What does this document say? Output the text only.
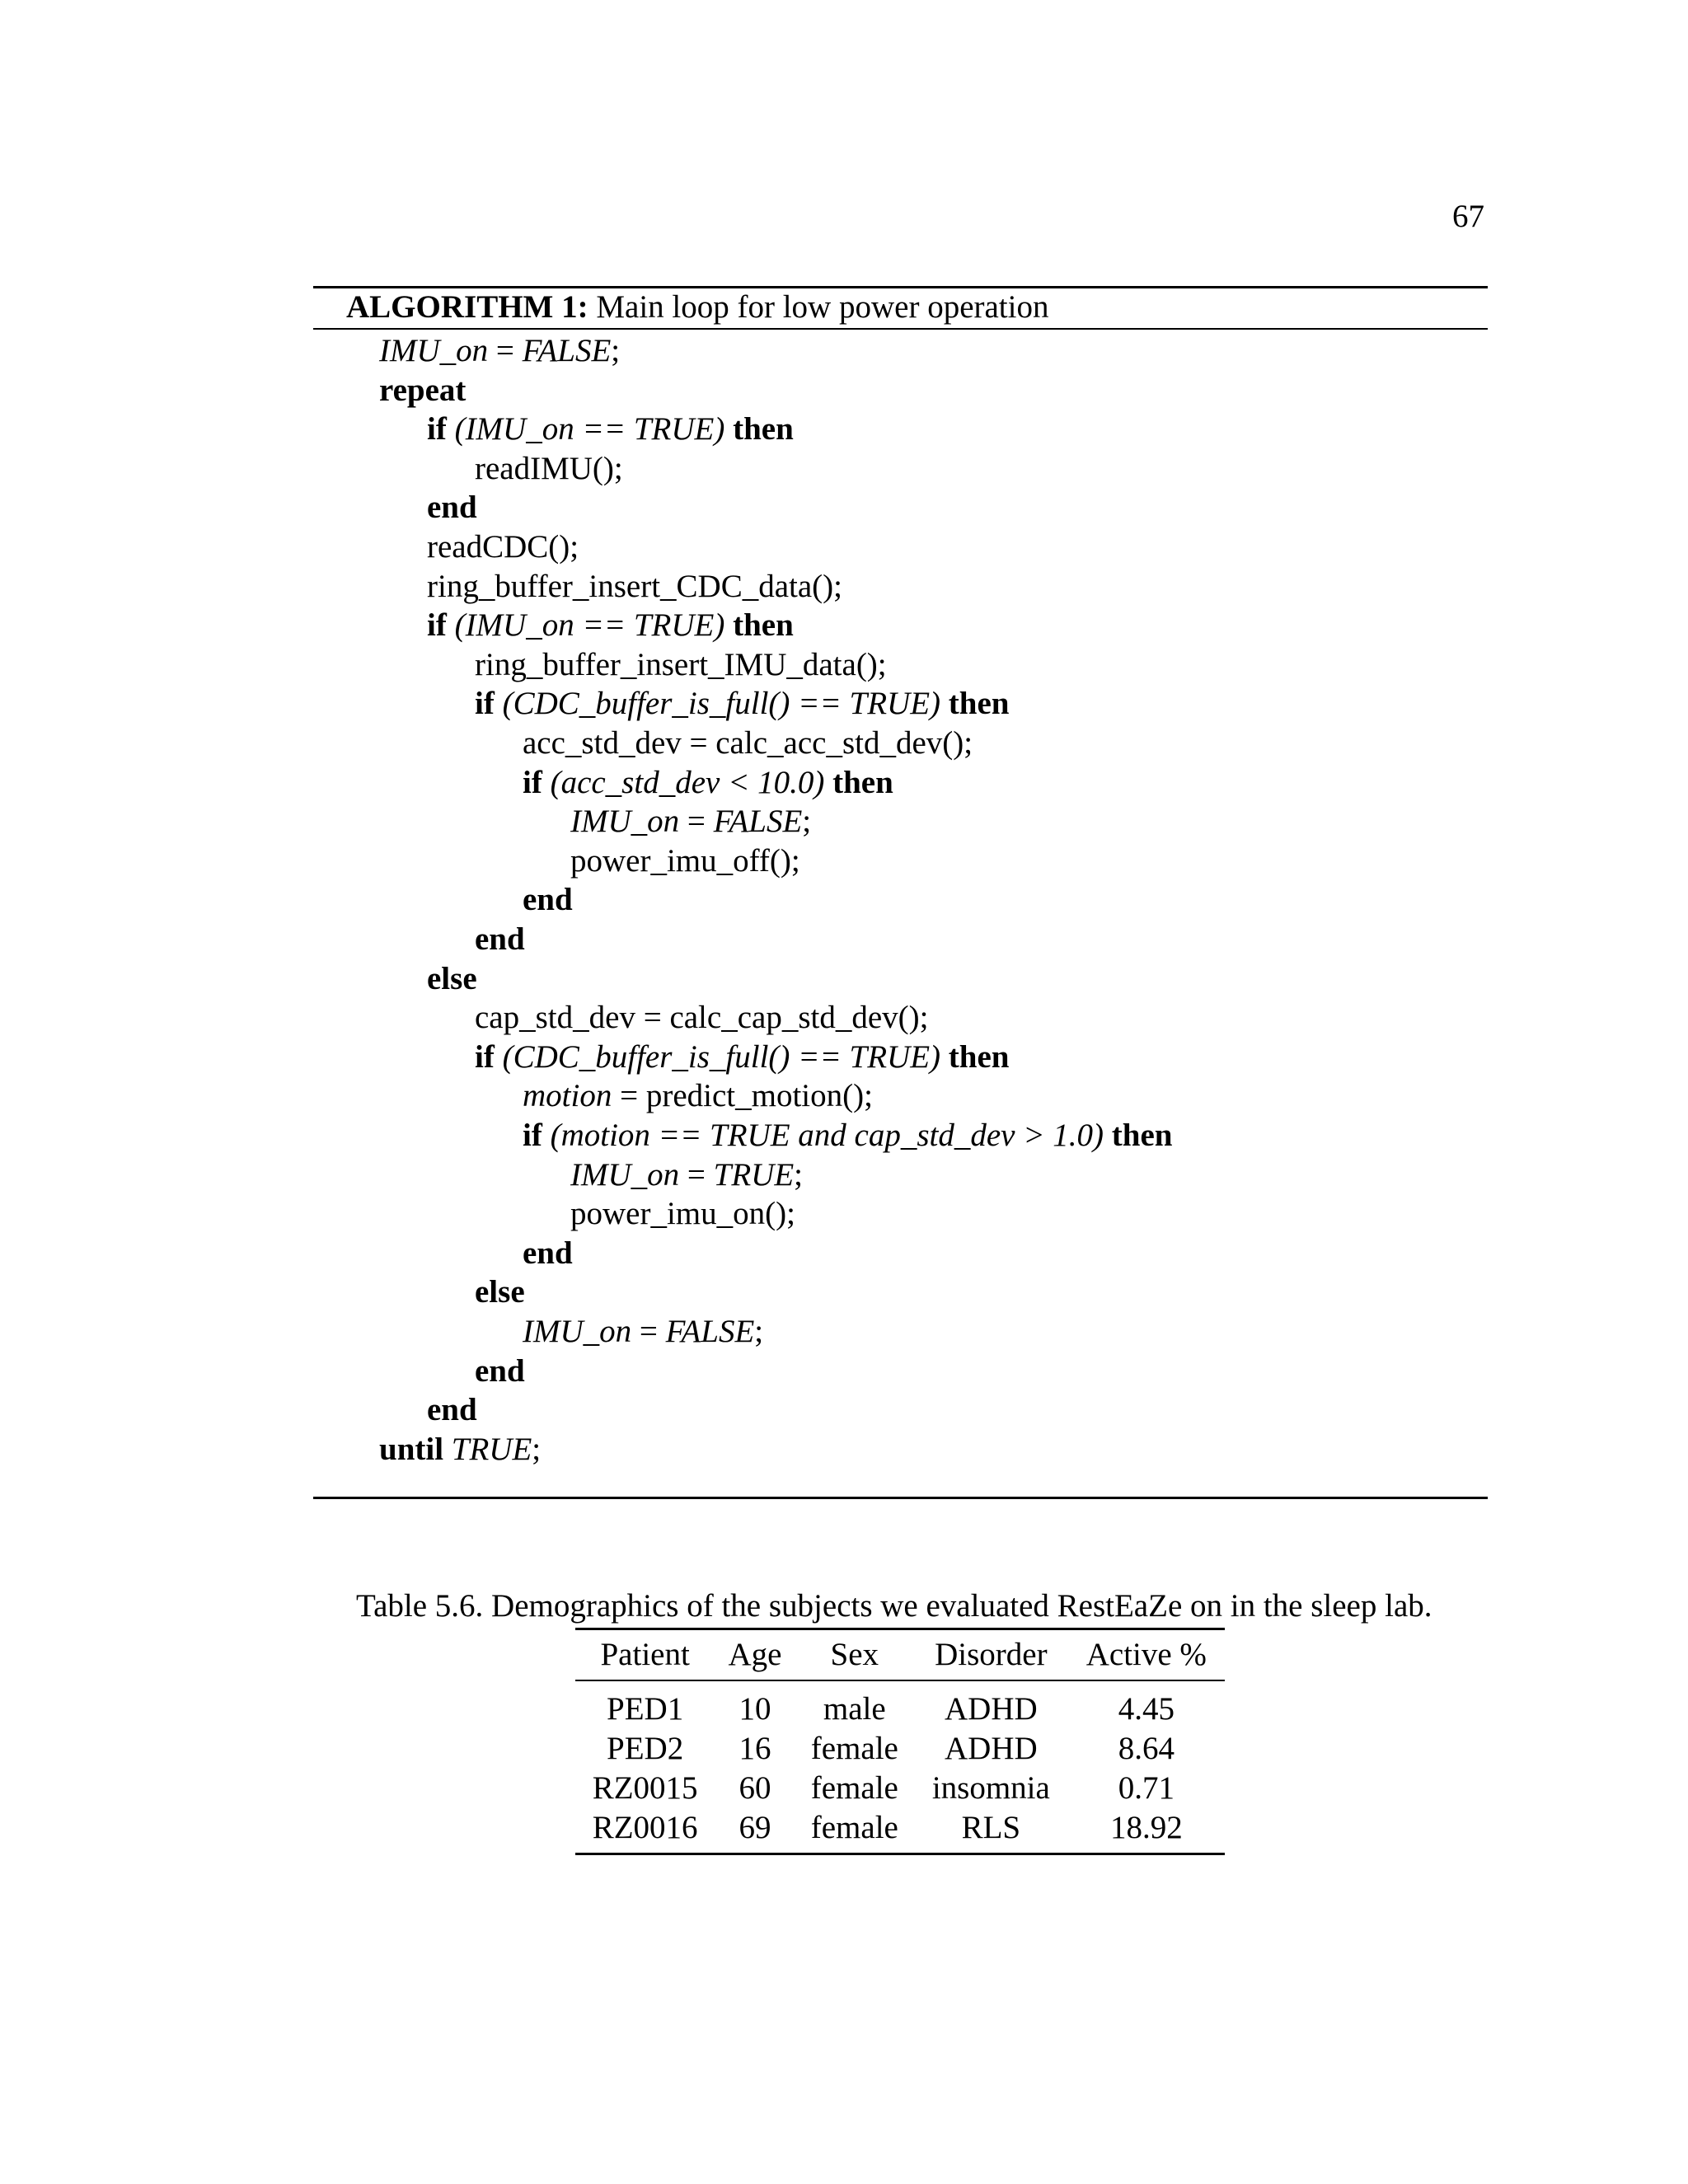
67
ALGORITHM 1: Main loop for low power operation
IMU_on = FALSE;
repeat
if (IMU_on == TRUE) then
readIMU();
end
readCDC();
ring_buffer_insert_CDC_data();
if (IMU_on == TRUE) then
ring_buffer_insert_IMU_data();
if (CDC_buffer_is_full() == TRUE) then
acc_std_dev = calc_acc_std_dev();
if (acc_std_dev < 10.0) then
IMU_on = FALSE;
power_imu_off();
end
end
else
cap_std_dev = calc_cap_std_dev();
if (CDC_buffer_is_full() == TRUE) then
motion = predict_motion();
if (motion == TRUE and cap_std_dev > 1.0) then
IMU_on = TRUE;
power_imu_on();
end
else
IMU_on = FALSE;
end
end
until TRUE;
Table 5.6. Demographics of the subjects we evaluated RestEaZe on in the sleep lab.
Patient	Age	Sex	Disorder	Active %
PED1	10	male	ADHD	4.45
PED2	16	female	ADHD	8.64
RZ0015	60	female	insomnia	0.71
RZ0016	69	female	RLS	18.92
